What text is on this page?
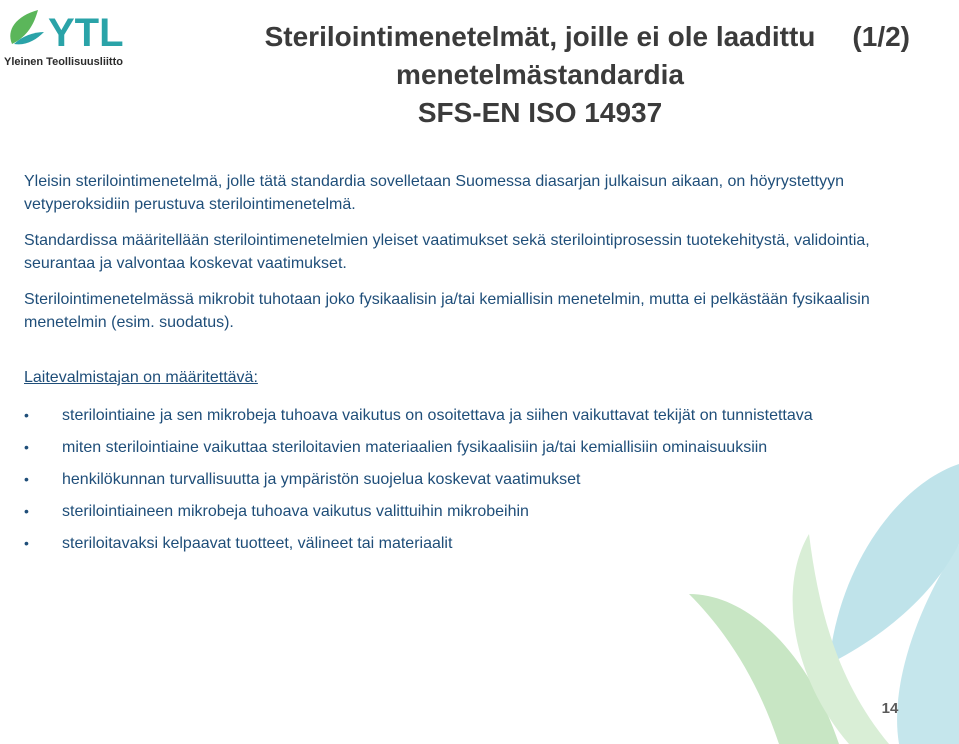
YTL
Yleinen Teollisuusliitto
Sterilointimenetelmät, joille ei ole laadittu
menetelmästandardia
SFS-EN ISO 14937
(1/2)

Yleisin sterilointimenetelmä, jolle tätä standardia sovelletaan Suomessa diasarjan julkaisun aikaan, on höyrystettyyn vetyperoksidiin perustuva sterilointimenetelmä.

Standardissa määritellään sterilointimenetelmien yleiset vaatimukset sekä sterilointiprosessin tuotekehitystä, validointia, seurantaa ja valvontaa koskevat vaatimukset.

Sterilointimenetelmässä mikrobit tuhotaan joko fysikaalisin ja/tai kemiallisin menetelmin, mutta ei pelkästään fysikaalisin menetelmin (esim. suodatus).

Laitevalmistajan on määritettävä:
• sterilointiaine ja sen mikrobeja tuhoava vaikutus on osoitettava ja siihen vaikuttavat tekijät on tunnistettava
• miten sterilointiaine vaikuttaa steriloitavien materiaalien fysikaalisiin ja/tai kemiallisiin ominaisuuksiin
• henkilökunnan turvallisuutta ja ympäristön suojelua koskevat vaatimukset
• sterilointiaineen mikrobeja tuhoava vaikutus valittuihin mikrobeihin
• steriloitavaksi kelpaavat tuotteet, välineet tai materiaalit
14
